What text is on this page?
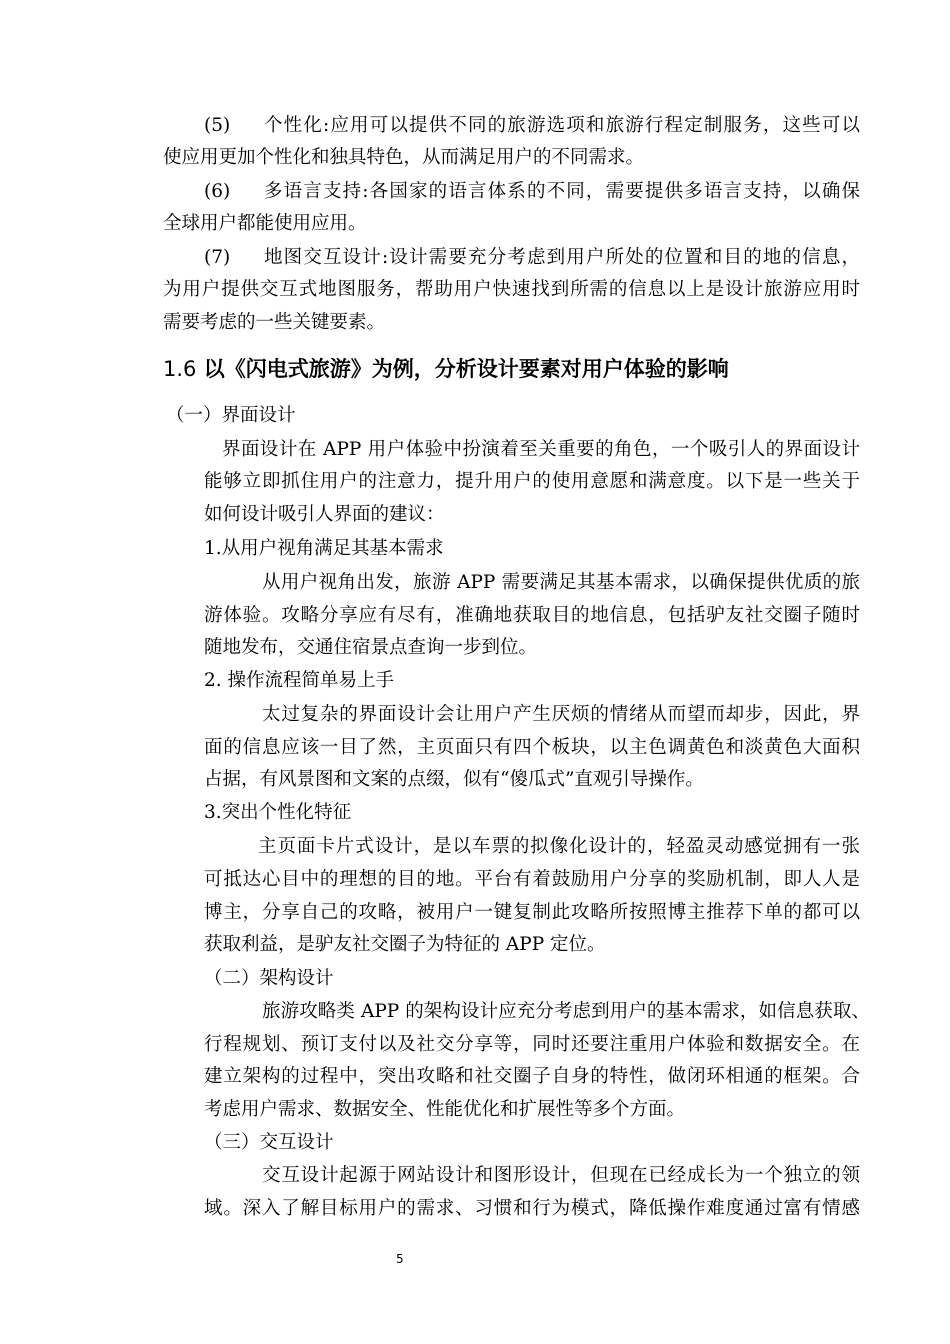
(5) 个性化:应用可以提供不同的旅游选项和旅游行程定制服务，这些可以
使应用更加个性化和独具特色，从而满足用户的不同需求。
(6) 多语言支持:各国家的语言体系的不同，需要提供多语言支持，以确保
全球用户都能使用应用。
(7) 地图交互设计:设计需要充分考虑到用户所处的位置和目的地的信息，
为用户提供交互式地图服务，帮助用户快速找到所需的信息以上是设计旅游应用时
需要考虑的一些关键要素。
1.6 以《闪电式旅游》为例，分析设计要素对用户体验的影响
（一）界面设计
界面设计在 APP 用户体验中扮演着至关重要的角色，一个吸引人的界面设计
能够立即抓住用户的注意力，提升用户的使用意愿和满意度。以下是一些关于
如何设计吸引人界面的建议：
1.从用户视角满足其基本需求
从用户视角出发，旅游 APP 需要满足其基本需求，以确保提供优质的旅
游体验。攻略分享应有尽有，准确地获取目的地信息，包括驴友社交圈子随时
随地发布，交通住宿景点查询一步到位。
2. 操作流程简单易上手
太过复杂的界面设计会让用户产生厌烦的情绪从而望而却步，因此，界
面的信息应该一目了然，主页面只有四个板块，以主色调黄色和淡黄色大面积
占据，有风景图和文案的点缀，似有“傻瓜式”直观引导操作。
3.突出个性化特征
主页面卡片式设计，是以车票的拟像化设计的，轻盈灵动感觉拥有一张
可抵达心目中的理想的目的地。平台有着鼓励用户分享的奖励机制，即人人是
博主，分享自己的攻略，被用户一键复制此攻略所按照博主推荐下单的都可以
获取利益，是驴友社交圈子为特征的 APP 定位。
（二）架构设计
旅游攻略类 APP 的架构设计应充分考虑到用户的基本需求，如信息获取、
行程规划、预订支付以及社交分享等，同时还要注重用户体验和数据安全。在
建立架构的过程中，突出攻略和社交圈子自身的特性，做闭环相通的框架。合
考虑用户需求、数据安全、性能优化和扩展性等多个方面。
（三）交互设计
交互设计起源于网站设计和图形设计，但现在已经成长为一个独立的领
域。深入了解目标用户的需求、习惯和行为模式，降低操作难度通过富有情感
5
